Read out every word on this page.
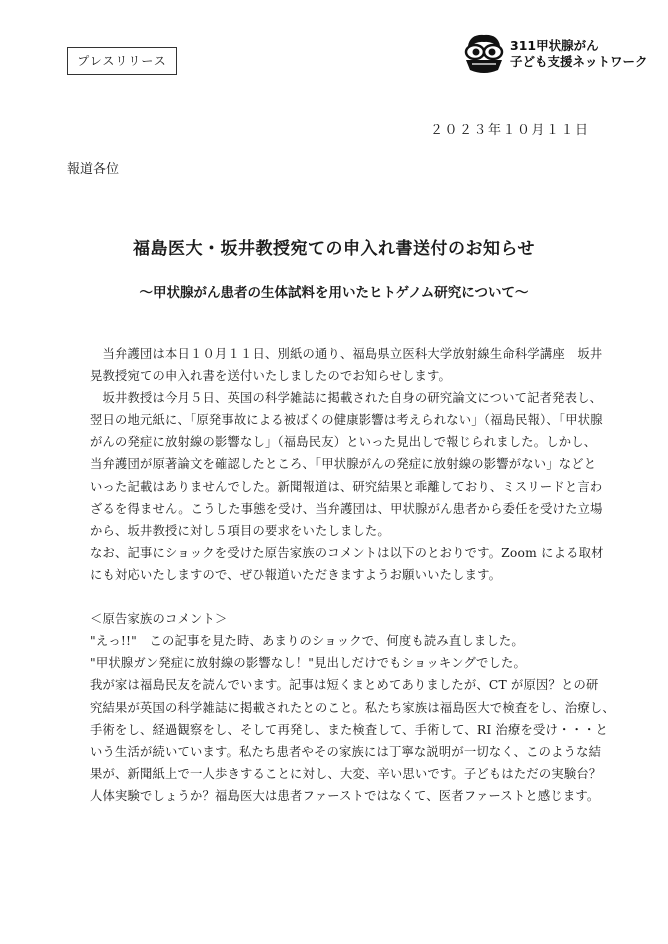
プレスリリース
311甲状腺がん
子ども支援ネットワーク
２０２３年１０月１１日
報道各位
福島医大・坂井教授宛ての申入れ書送付のお知らせ
～甲状腺がん患者の生体試料を用いたヒトゲノム研究について～
　当弁護団は本日１０月１１日、別紙の通り、福島県立医科大学放射線生命科学講座　坂井
晃教授宛ての申入れ書を送付いたしましたのでお知らせします。
　坂井教授は今月５日、英国の科学雑誌に掲載された自身の研究論文について記者発表し、
翌日の地元紙に、「原発事故による被ばくの健康影響は考えられない」（福島民報）、「甲状腺
がんの発症に放射線の影響なし」（福島民友）といった見出しで報じられました。しかし、
当弁護団が原著論文を確認したところ、「甲状腺がんの発症に放射線の影響がない」などと
いった記載はありませんでした。新聞報道は、研究結果と乖離しており、ミスリードと言わ
ざるを得ません。こうした事態を受け、当弁護団は、甲状腺がん患者から委任を受けた立場
から、坂井教授に対し５項目の要求をいたしました。
なお、記事にショックを受けた原告家族のコメントは以下のとおりです。Zoom による取材
にも対応いたしますので、ぜひ報道いただきますようお願いいたします。
＜原告家族のコメント＞
"えっ!!"　この記事を見た時、あまりのショックで、何度も読み直しました。
"甲状腺ガン発症に放射線の影響なし！"見出しだけでもショッキングでした。
我が家は福島民友を読んでいます。記事は短くまとめてありましたが、CT が原因？との研
究結果が英国の科学雑誌に掲載されたとのこと。私たち家族は福島医大で検査をし、治療し、
手術をし、経過観察をし、そして再発し、また検査して、手術して、RI 治療を受け・・・と
いう生活が続いています。私たち患者やその家族には丁寧な説明が一切なく、このような結
果が、新聞紙上で一人歩きすることに対し、大変、辛い思いです。子どもはただの実験台？
人体実験でしょうか？福島医大は患者ファーストではなくて、医者ファーストと感じます。
